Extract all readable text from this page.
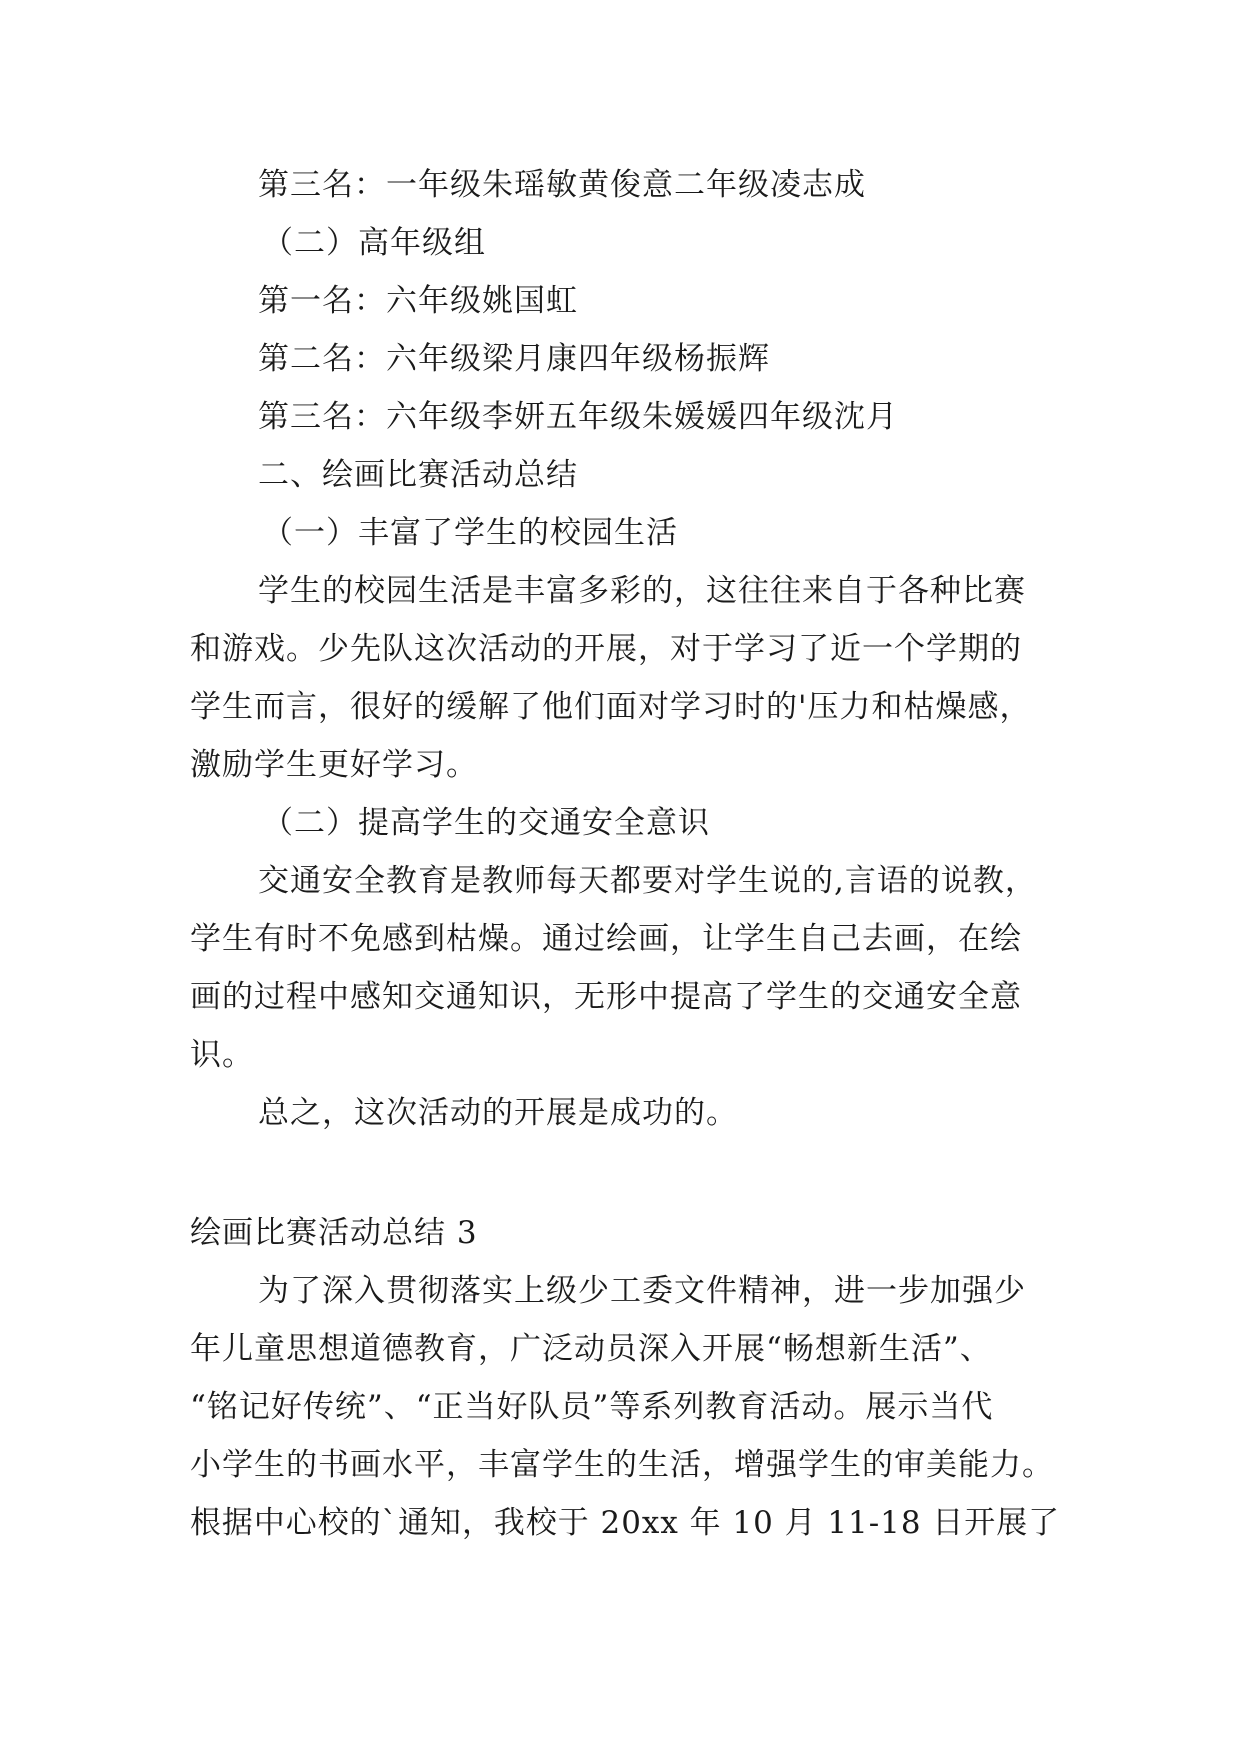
第三名：一年级朱瑶敏黄俊意二年级凌志成
（二）高年级组
第一名：六年级姚国虹
第二名：六年级梁月康四年级杨振辉
第三名：六年级李妍五年级朱媛媛四年级沈月
二、绘画比赛活动总结
（一）丰富了学生的校园生活
学生的校园生活是丰富多彩的，这往往来自于各种比赛
和游戏。少先队这次活动的开展，对于学习了近一个学期的
学生而言，很好的缓解了他们面对学习时的'压力和枯燥感，
激励学生更好学习。
（二）提高学生的交通安全意识
交通安全教育是教师每天都要对学生说的,言语的说教，
学生有时不免感到枯燥。通过绘画，让学生自己去画，在绘
画的过程中感知交通知识，无形中提高了学生的交通安全意
识。
总之，这次活动的开展是成功的。
绘画比赛活动总结 3
为了深入贯彻落实上级少工委文件精神，进一步加强少
年儿童思想道德教育，广泛动员深入开展“畅想新生活”、
“铭记好传统”、“正当好队员”等系列教育活动。展示当代
小学生的书画水平，丰富学生的生活，增强学生的审美能力。
根据中心校的`通知，我校于 20xx 年 10 月 11-18 日开展了
